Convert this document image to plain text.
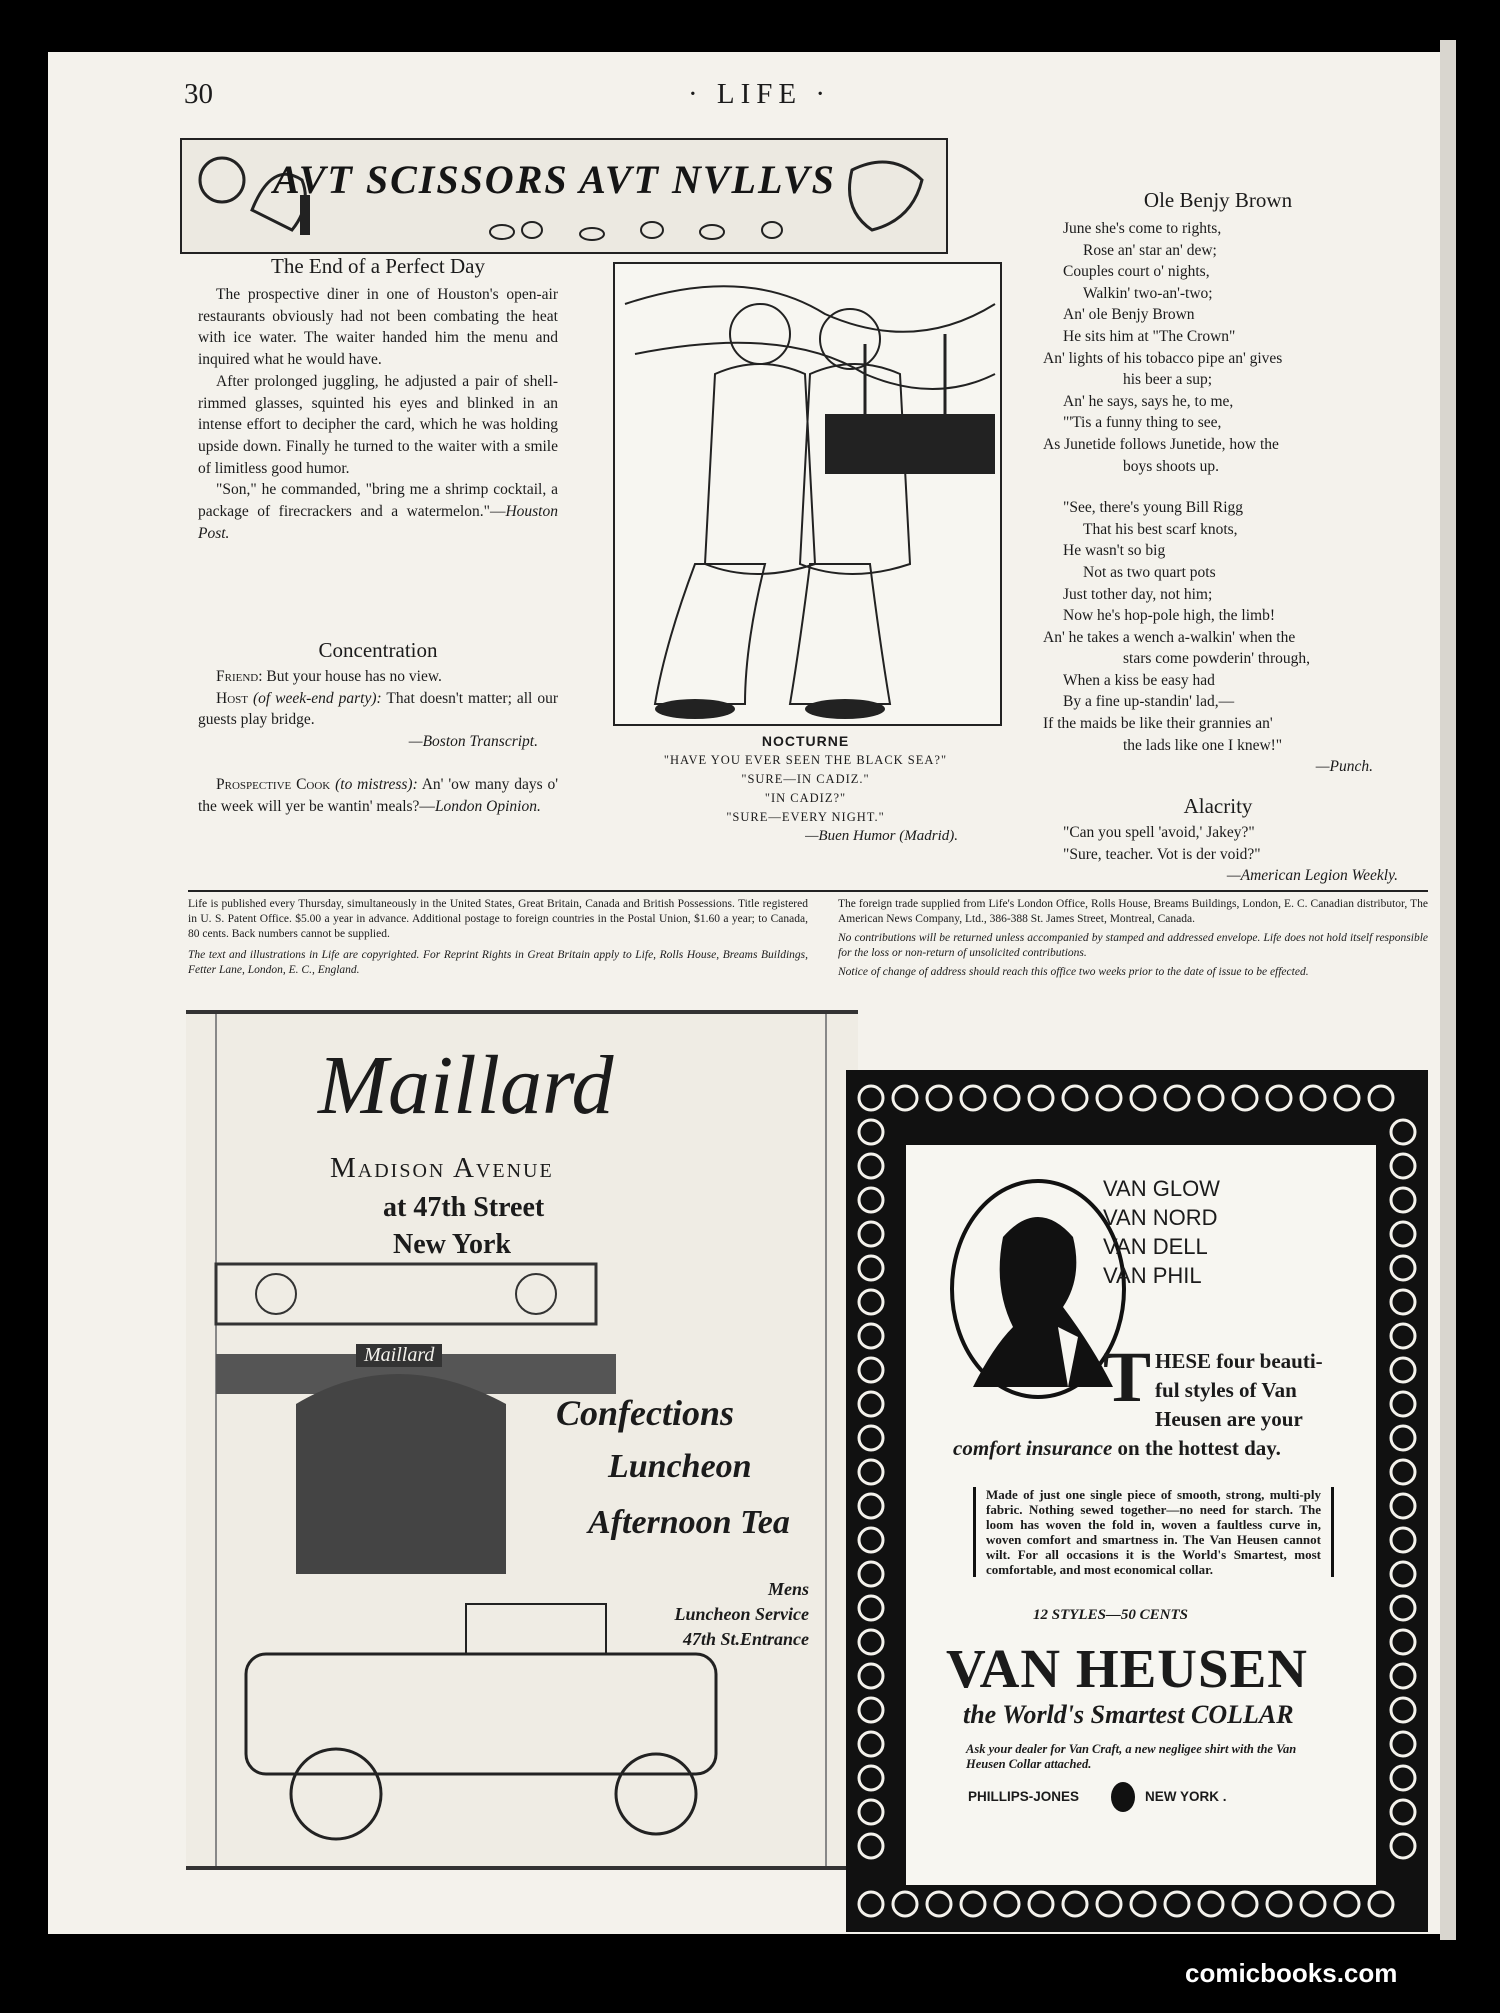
30	· LIFE ·
AVT SCISSORS AVT NVLLVS
The End of a Perfect Day

The prospective diner in one of Houston's open-air restaurants obviously had not been combating the heat with ice water. The waiter handed him the menu and inquired what he would have.

After prolonged juggling, he adjusted a pair of shell-rimmed glasses, squinted his eyes and blinked in an intense effort to decipher the card, which he was holding upside down. Finally he turned to the waiter with a smile of limitless good humor.

"Son," he commanded, "bring me a shrimp cocktail, a package of firecrackers and a watermelon."—Houston Post.

Concentration

Friend: But your house has no view.

Host (of week-end party): That doesn't matter; all our guests play bridge.

—Boston Transcript.

Prospective Cook (to mistress): An' 'ow many days o' the week will yer be wantin' meals?—London Opinion.

NOCTURNE
"HAVE YOU EVER SEEN THE BLACK SEA?"
"SURE—IN CADIZ."
"IN CADIZ?"
"SURE—EVERY NIGHT."
—Buen Humor (Madrid).
Ole Benjy Brown
June she's come to rights,
Rose an' star an' dew;
Couples court o' nights,
Walkin' two-an'-two;
An' ole Benjy Brown
He sits him at "The Crown"
An' lights of his tobacco pipe an' gives
his beer a sup;
An' he says, says he, to me,
"'Tis a funny thing to see,
As Junetide follows Junetide, how the
boys shoots up.
"See, there's young Bill Rigg
That his best scarf knots,
He wasn't so big
Not as two quart pots
Just tother day, not him;
Now he's hop-pole high, the limb!
An' he takes a wench a-walkin' when the
stars come powderin' through,
When a kiss be easy had
By a fine up-standin' lad,—
If the maids be like their grannies an'
the lads like one I knew!"
—Punch.
Alacrity
"Can you spell 'avoid,' Jakey?"
"Sure, teacher. Vot is der void?"
—American Legion Weekly.
Life is published every Thursday, simultaneously in the United States, Great Britain, Canada and British Possessions. Title registered in U. S. Patent Office. $5.00 a year in advance. Additional postage to foreign countries in the Postal Union, $1.60 a year; to Canada, 80 cents. Back numbers cannot be supplied.
The text and illustrations in Life are copyrighted. For Reprint Rights in Great Britain apply to Life, Rolls House, Breams Buildings, Fetter Lane, London, E. C., England.
The foreign trade supplied from Life's London Office, Rolls House, Breams Buildings, London, E. C. Canadian distributor, The American News Company, Ltd., 386-388 St. James Street, Montreal, Canada.
No contributions will be returned unless accompanied by stamped and addressed envelope. Life does not hold itself responsible for the loss or non-return of unsolicited contributions.
Notice of change of address should reach this office two weeks prior to the date of issue to be effected.
Maillard
Madison Avenue
at 47th Street
New York
Maillard
Confections
Luncheon
Afternoon Tea
Mens
Luncheon Service
47th St.Entrance
VAN GLOW
VAN NORD
VAN DELL
VAN PHIL
THESE four beauti-ful styles of Van Heusen are your comfort insurance on the hottest day.
Made of just one single piece of smooth, strong, multi-ply fabric. Nothing sewed together—no need for starch. The loom has woven the fold in, woven a faultless curve in, woven comfort and smartness in. The Van Heusen cannot wilt. For all occasions it is the World's Smartest, most comfortable, and most economical collar.
12 STYLES—50 CENTS
VAN HEUSEN
the World's Smartest COLLAR
Ask your dealer for Van Craft, a new negligee shirt with the Van Heusen Collar attached.
PHILLIPS-JONES	NEW YORK .
comicbooks.com
